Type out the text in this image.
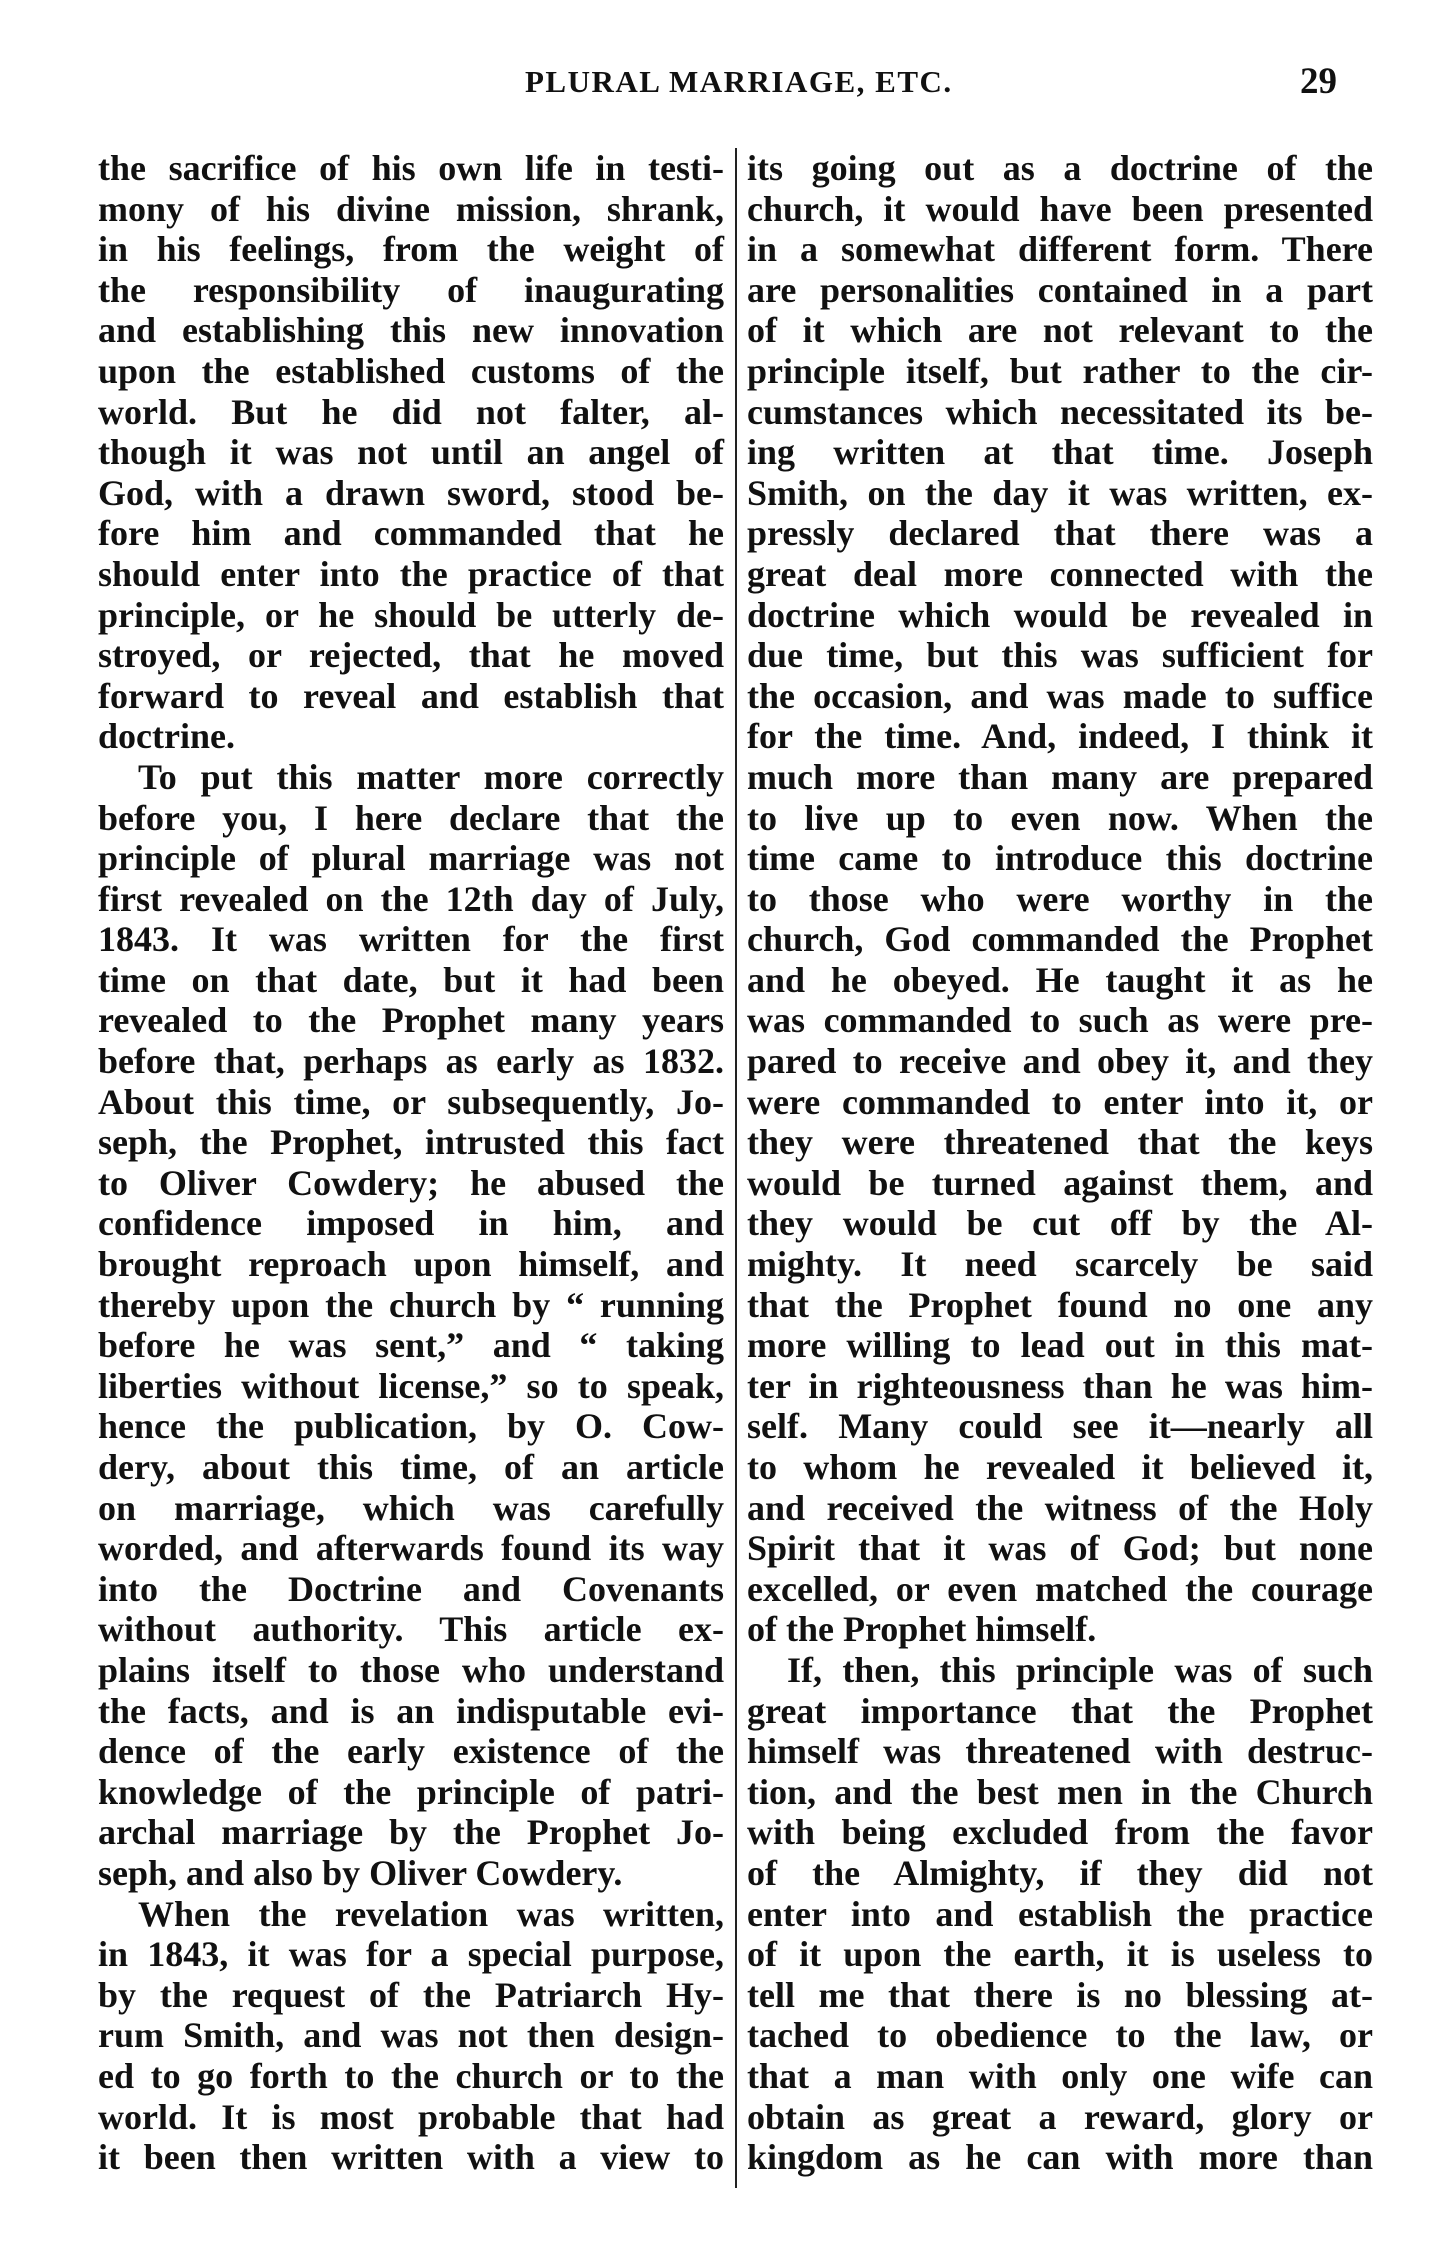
PLURAL MARRIAGE, ETC.	29
the sacrifice of his own life in testi-
mony of his divine mission, shrank,
in his feelings, from the weight of
the responsibility of inaugurating
and establishing this new innovation
upon the established customs of the
world. But he did not falter, al-
though it was not until an angel of
God, with a drawn sword, stood be-
fore him and commanded that he
should enter into the practice of that
principle, or he should be utterly de-
stroyed, or rejected, that he moved
forward to reveal and establish that
doctrine.
To put this matter more correctly
before you, I here declare that the
principle of plural marriage was not
first revealed on the 12th day of July,
1843. It was written for the first
time on that date, but it had been
revealed to the Prophet many years
before that, perhaps as early as 1832.
About this time, or subsequently, Jo-
seph, the Prophet, intrusted this fact
to Oliver Cowdery; he abused the
confidence imposed in him, and
brought reproach upon himself, and
thereby upon the church by “ running
before he was sent,” and “ taking
liberties without license,” so to speak,
hence the publication, by O. Cow-
dery, about this time, of an article
on marriage, which was carefully
worded, and afterwards found its way
into the Doctrine and Covenants
without authority. This article ex-
plains itself to those who understand
the facts, and is an indisputable evi-
dence of the early existence of the
knowledge of the principle of patri-
archal marriage by the Prophet Jo-
seph, and also by Oliver Cowdery.
When the revelation was written,
in 1843, it was for a special purpose,
by the request of the Patriarch Hy-
rum Smith, and was not then design-
ed to go forth to the church or to the
world. It is most probable that had
it been then written with a view to
its going out as a doctrine of the
church, it would have been presented
in a somewhat different form. There
are personalities contained in a part
of it which are not relevant to the
principle itself, but rather to the cir-
cumstances which necessitated its be-
ing written at that time. Joseph
Smith, on the day it was written, ex-
pressly declared that there was a
great deal more connected with the
doctrine which would be revealed in
due time, but this was sufficient for
the occasion, and was made to suffice
for the time. And, indeed, I think it
much more than many are prepared
to live up to even now. When the
time came to introduce this doctrine
to those who were worthy in the
church, God commanded the Prophet
and he obeyed. He taught it as he
was commanded to such as were pre-
pared to receive and obey it, and they
were commanded to enter into it, or
they were threatened that the keys
would be turned against them, and
they would be cut off by the Al-
mighty. It need scarcely be said
that the Prophet found no one any
more willing to lead out in this mat-
ter in righteousness than he was him-
self. Many could see it—nearly all
to whom he revealed it believed it,
and received the witness of the Holy
Spirit that it was of God; but none
excelled, or even matched the courage
of the Prophet himself.
If, then, this principle was of such
great importance that the Prophet
himself was threatened with destruc-
tion, and the best men in the Church
with being excluded from the favor
of the Almighty, if they did not
enter into and establish the practice
of it upon the earth, it is useless to
tell me that there is no blessing at-
tached to obedience to the law, or
that a man with only one wife can
obtain as great a reward, glory or
kingdom as he can with more than
